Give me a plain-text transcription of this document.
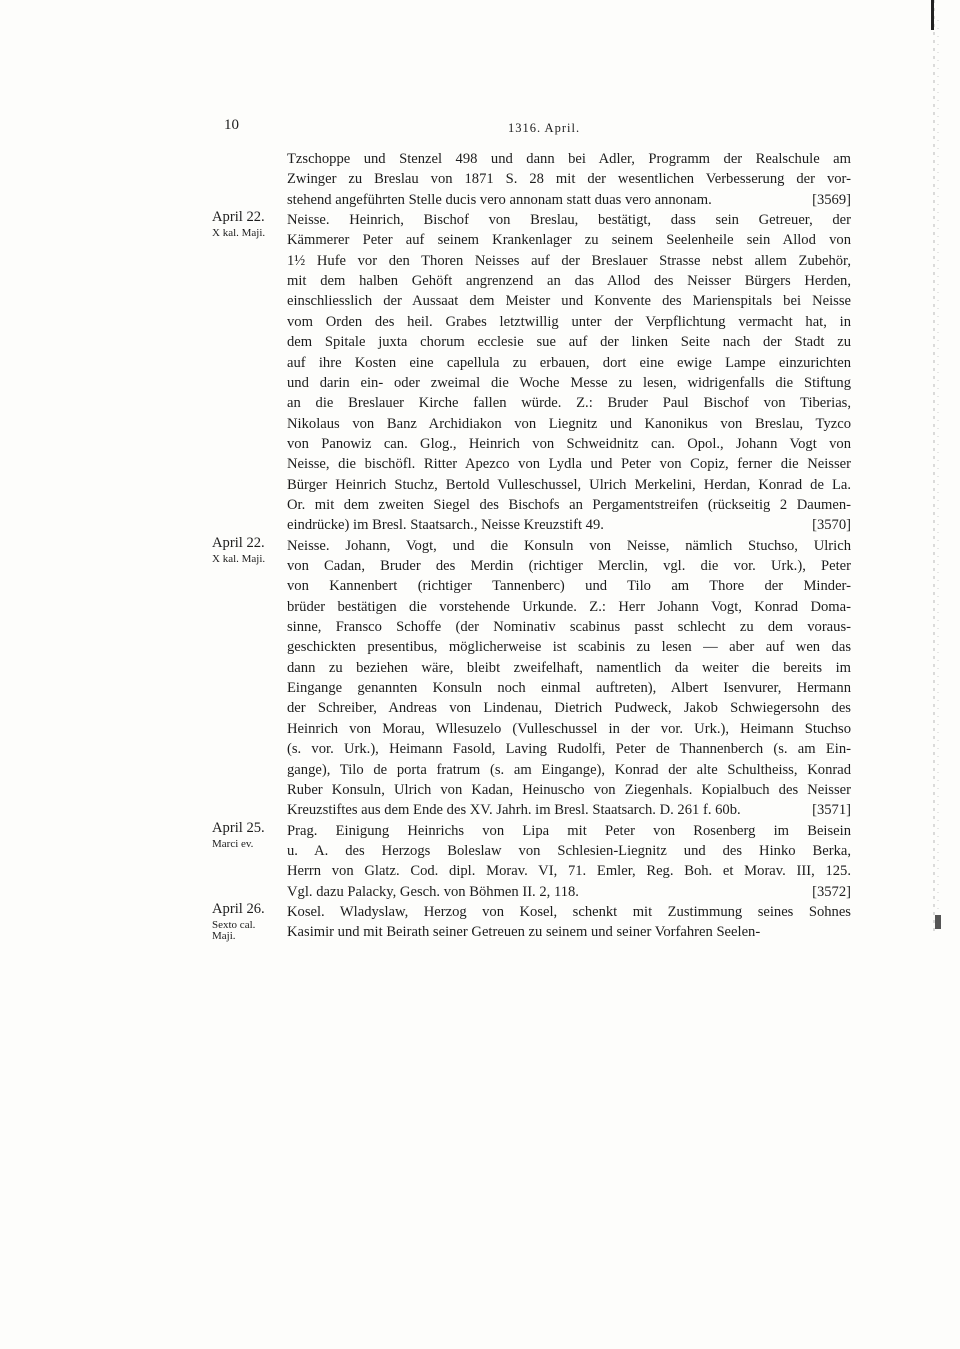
10	1316. April.
Tzschoppe und Stenzel 498 und dann bei Adler, Programm der Realschule am
Zwinger zu Breslau von 1871 S. 28 mit der wesentlichen Verbesserung der vor-
stehend angeführten Stelle ducis vero annonam statt duas vero annonam.	[3569]
April 22.
X kal. Maji.
Neisse. Heinrich, Bischof von Breslau, bestätigt, dass sein Getreuer, der
Kämmerer Peter auf seinem Krankenlager zu seinem Seelenheile sein Allod von
1½ Hufe vor den Thoren Neisses auf der Breslauer Strasse nebst allem Zubehör,
mit dem halben Gehöft angrenzend an das Allod des Neisser Bürgers Herden,
einschliesslich der Aussaat dem Meister und Konvente des Marienspitals bei Neisse
vom Orden des heil. Grabes letztwillig unter der Verpflichtung vermacht hat, in
dem Spitale juxta chorum ecclesie sue auf der linken Seite nach der Stadt zu
auf ihre Kosten eine capellula zu erbauen, dort eine ewige Lampe einzurichten
und darin ein- oder zweimal die Woche Messe zu lesen, widrigenfalls die Stiftung
an die Breslauer Kirche fallen würde. Z.: Bruder Paul Bischof von Tiberias,
Nikolaus von Banz Archidiakon von Liegnitz und Kanonikus von Breslau, Tyzco
von Panowiz can. Glog., Heinrich von Schweidnitz can. Opol., Johann Vogt von
Neisse, die bischöfl. Ritter Apezco von Lydla und Peter von Copiz, ferner die Neisser
Bürger Heinrich Stuchz, Bertold Vulleschussel, Ulrich Merkelini, Herdan, Konrad de La.
Or. mit dem zweiten Siegel des Bischofs an Pergamentstreifen (rückseitig 2 Daumen-
eindrücke) im Bresl. Staatsarch., Neisse Kreuzstift 49.	[3570]
April 22.
X kal. Maji.
Neisse. Johann, Vogt, und die Konsuln von Neisse, nämlich Stuchso, Ulrich
von Cadan, Bruder des Merdin (richtiger Merclin, vgl. die vor. Urk.), Peter
von Kannenbert (richtiger Tannenberc) und Tilo am Thore der Minder-
brüder bestätigen die vorstehende Urkunde. Z.: Herr Johann Vogt, Konrad Doma-
sinne, Fransco Schoffe (der Nominativ scabinus passt schlecht zu dem voraus-
geschickten presentibus, möglicherweise ist scabinis zu lesen — aber auf wen das
dann zu beziehen wäre, bleibt zweifelhaft, namentlich da weiter die bereits im
Eingange genannten Konsuln noch einmal auftreten), Albert Isenvurer, Hermann
der Schreiber, Andreas von Lindenau, Dietrich Pudweck, Jakob Schwiegersohn des
Heinrich von Morau, Wllesuzelo (Vulleschussel in der vor. Urk.), Heimann Stuchso
(s. vor. Urk.), Heimann Fasold, Laving Rudolfi, Peter de Thannenberch (s. am Ein-
gange), Tilo de porta fratrum (s. am Eingange), Konrad der alte Schultheiss, Konrad
Ruber Konsuln, Ulrich von Kadan, Heinuscho von Ziegenhals. Kopialbuch des Neisser
Kreuzstiftes aus dem Ende des XV. Jahrh. im Bresl. Staatsarch. D. 261 f. 60b.	[3571]
April 25.
Marci ev.
Prag. Einigung Heinrichs von Lipa mit Peter von Rosenberg im Beisein
u. A. des Herzogs Boleslaw von Schlesien-Liegnitz und des Hinko Berka,
Herrn von Glatz. Cod. dipl. Morav. VI, 71. Emler, Reg. Boh. et Morav. III, 125.
Vgl. dazu Palacky, Gesch. von Böhmen II. 2, 118.	[3572]
April 26.
Sexto cal.
Maji.
Kosel. Wladyslaw, Herzog von Kosel, schenkt mit Zustimmung seines Sohnes
Kasimir und mit Beirath seiner Getreuen zu seinem und seiner Vorfahren Seelen-
